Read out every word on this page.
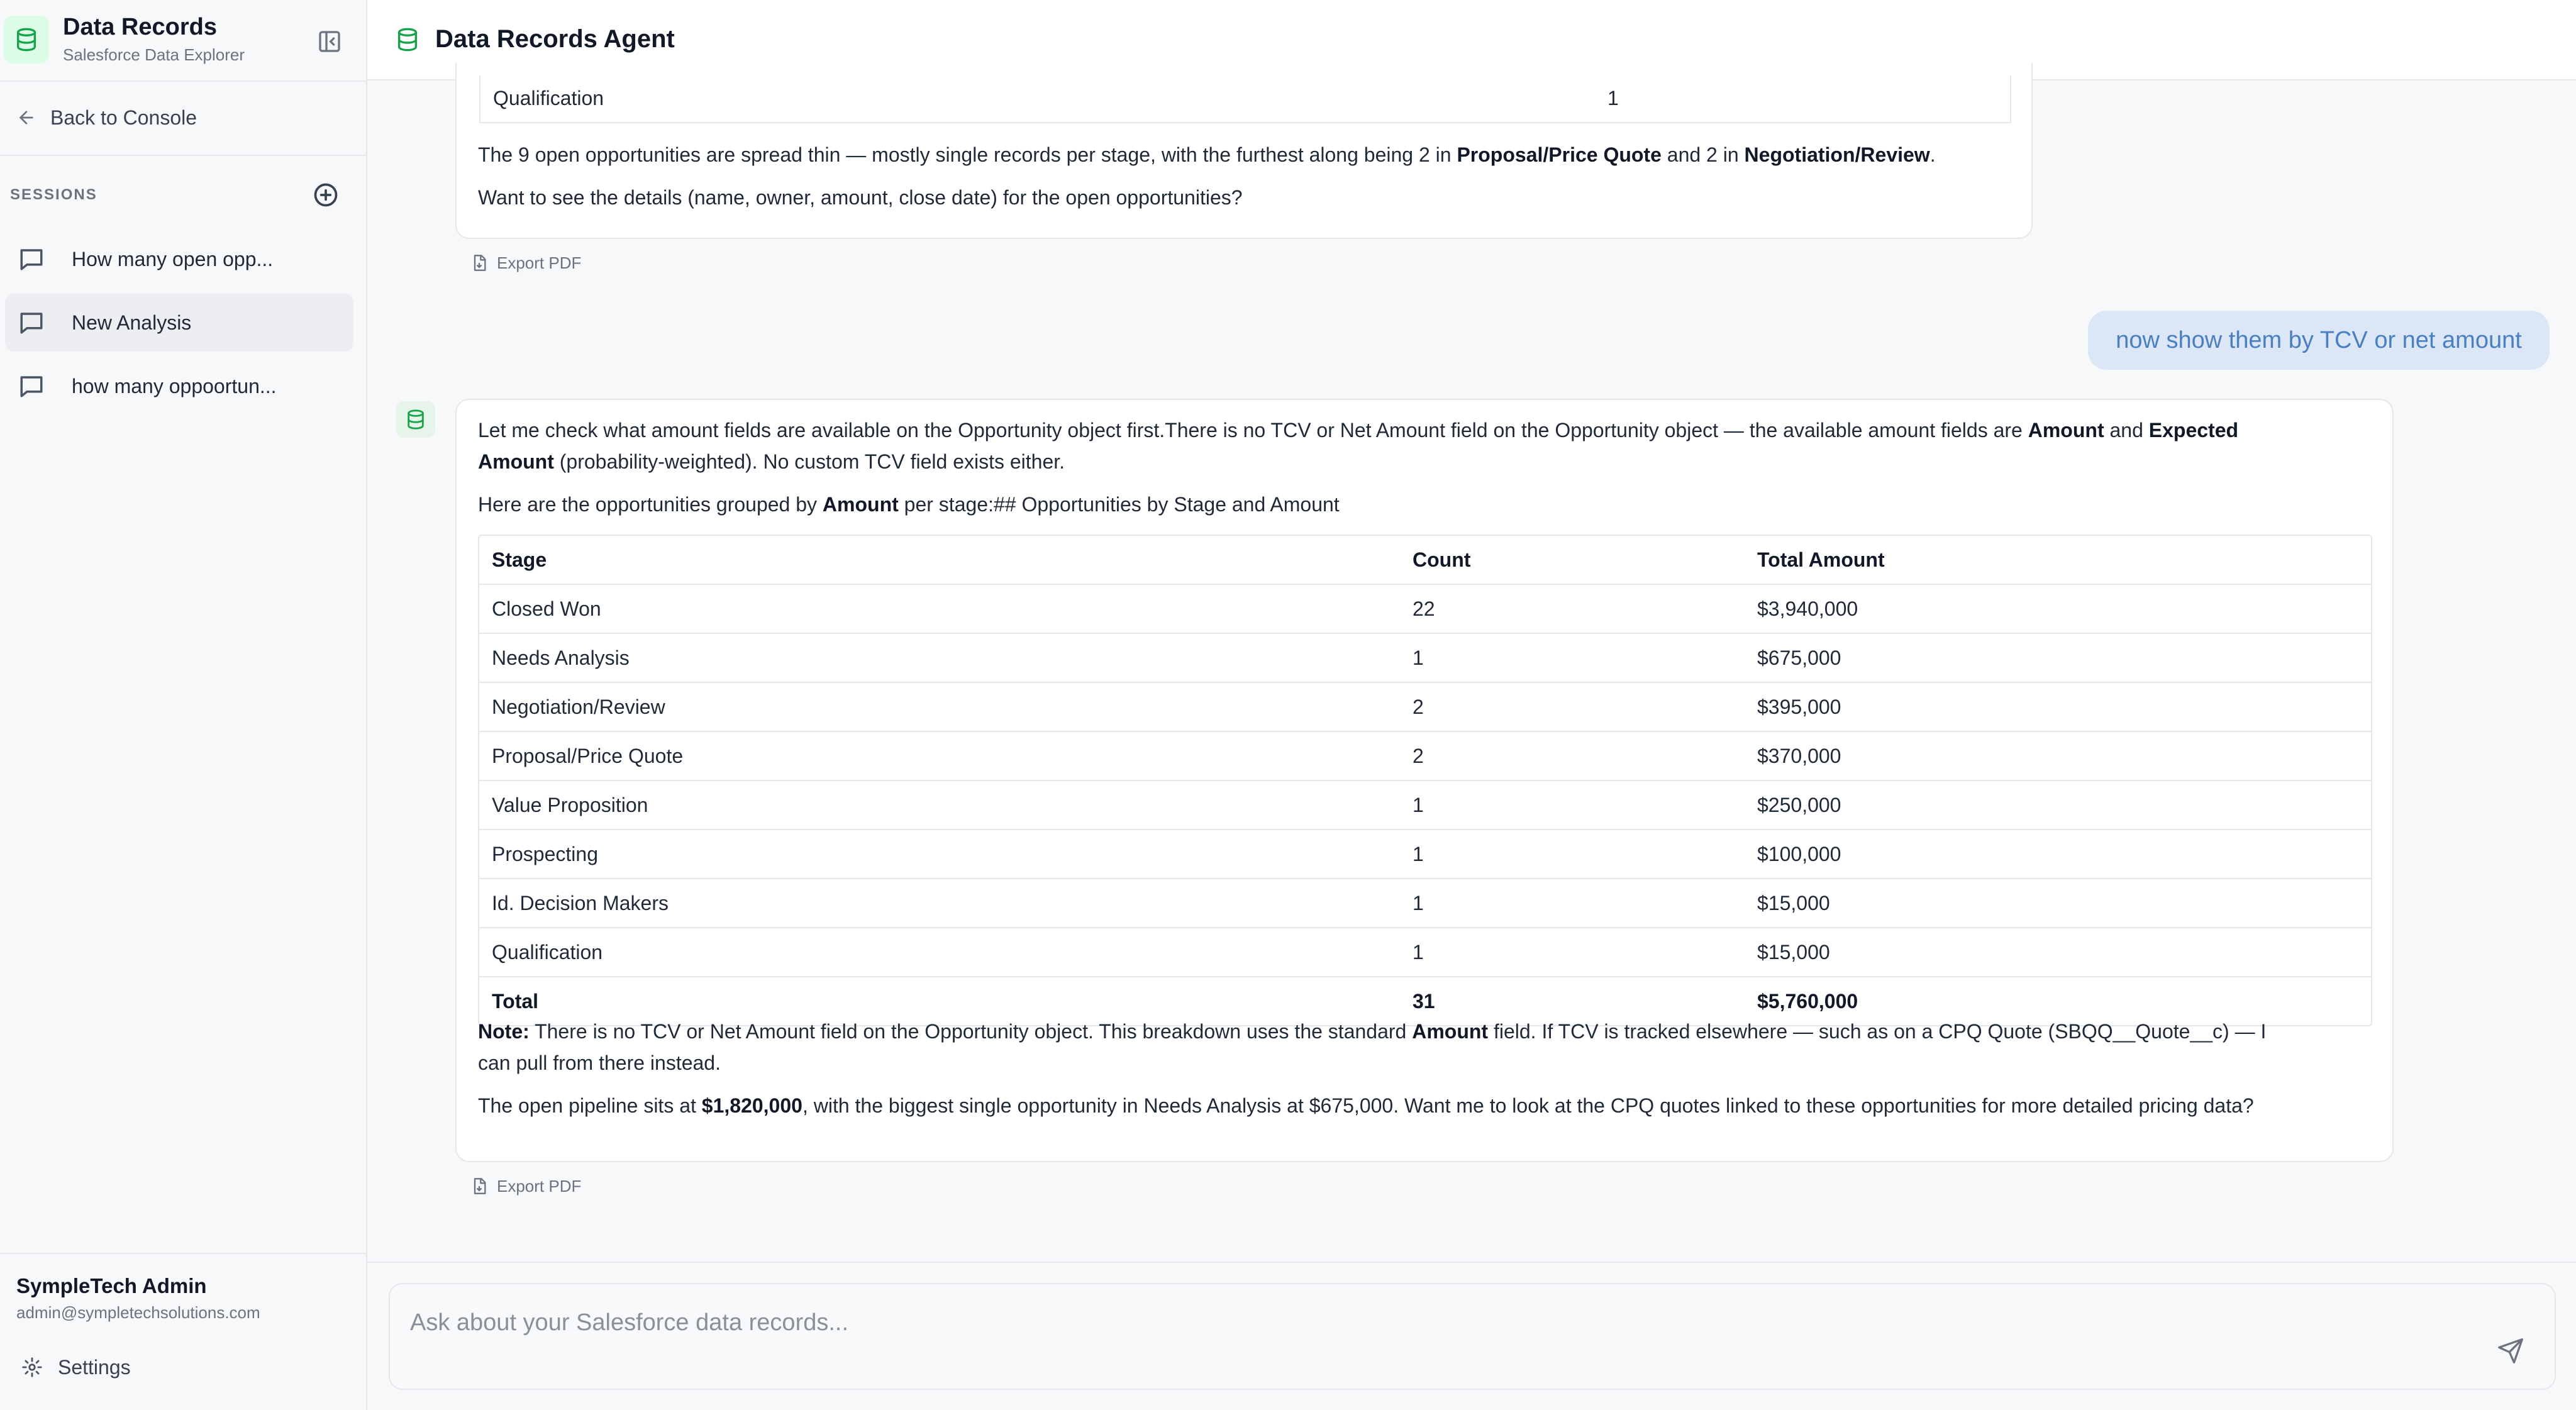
Data Records
Salesforce Data Explorer
Back to Console
SESSIONS
How many open opp...
New Analysis
how many oppoortun...
SympleTech Admin
admin@sympletechsolutions.com
Settings
Data Records Agent
Qualification	1
The 9 open opportunities are spread thin — mostly single records per stage, with the furthest along being 2 in Proposal/Price Quote and 2 in Negotiation/Review.
Want to see the details (name, owner, amount, close date) for the open opportunities?
Export PDF
now show them by TCV or net amount
Let me check what amount fields are available on the Opportunity object first.There is no TCV or Net Amount field on the Opportunity object — the available amount fields are Amount and Expected
Amount (probability-weighted). No custom TCV field exists either.
Here are the opportunities grouped by Amount per stage:## Opportunities by Stage and Amount
Stage	Count	Total Amount
Closed Won	22	$3,940,000
Needs Analysis	1	$675,000
Negotiation/Review	2	$395,000
Proposal/Price Quote	2	$370,000
Value Proposition	1	$250,000
Prospecting	1	$100,000
Id. Decision Makers	1	$15,000
Qualification	1	$15,000
Total	31	$5,760,000
Note: There is no TCV or Net Amount field on the Opportunity object. This breakdown uses the standard Amount field. If TCV is tracked elsewhere — such as on a CPQ Quote (SBQQ__Quote__c) — I
can pull from there instead.
The open pipeline sits at $1,820,000, with the biggest single opportunity in Needs Analysis at $675,000. Want me to look at the CPQ quotes linked to these opportunities for more detailed pricing data?
Export PDF
Ask about your Salesforce data records...
